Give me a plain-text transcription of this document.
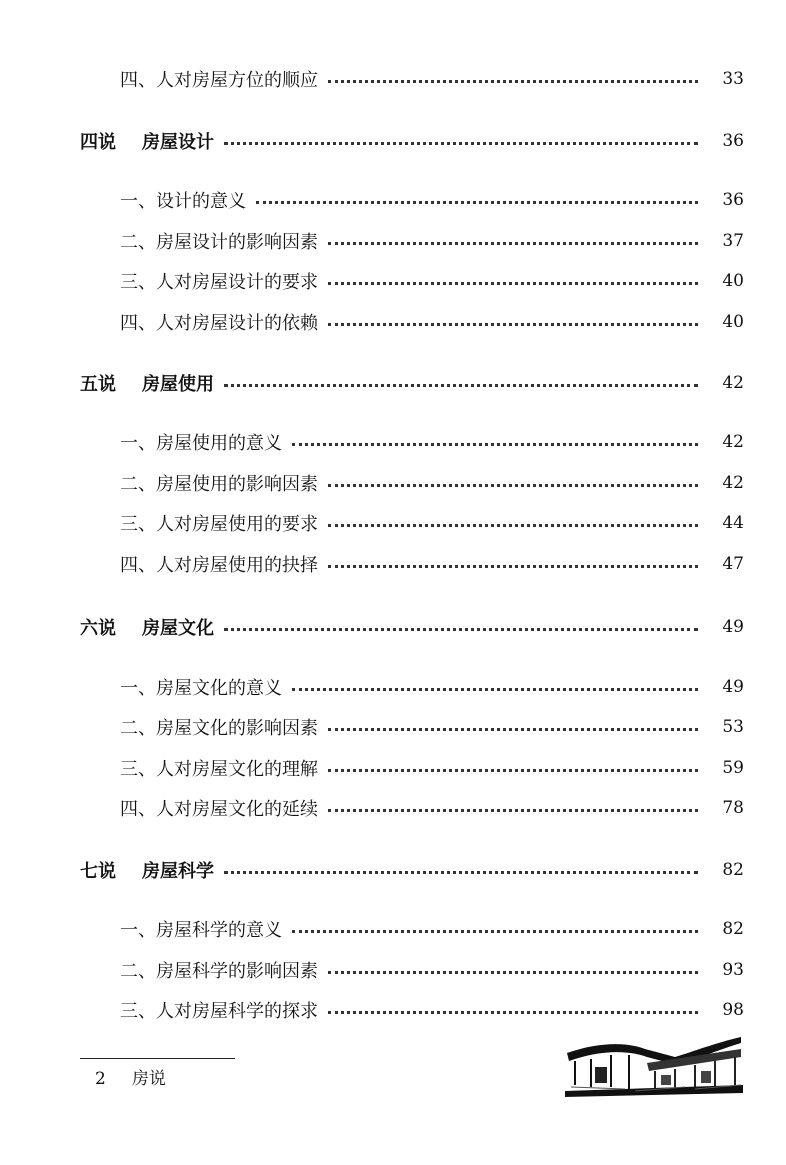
四、人对房屋方位的顺应	33
四说 房屋设计	36
一、设计的意义	36
二、房屋设计的影响因素	37
三、人对房屋设计的要求	40
四、人对房屋设计的依赖	40
五说 房屋使用	42
一、房屋使用的意义	42
二、房屋使用的影响因素	42
三、人对房屋使用的要求	44
四、人对房屋使用的抉择	47
六说 房屋文化	49
一、房屋文化的意义	49
二、房屋文化的影响因素	53
三、人对房屋文化的理解	59
四、人对房屋文化的延续	78
七说 房屋科学	82
一、房屋科学的意义	82
二、房屋科学的影响因素	93
三、人对房屋科学的探求	98
2 房说
